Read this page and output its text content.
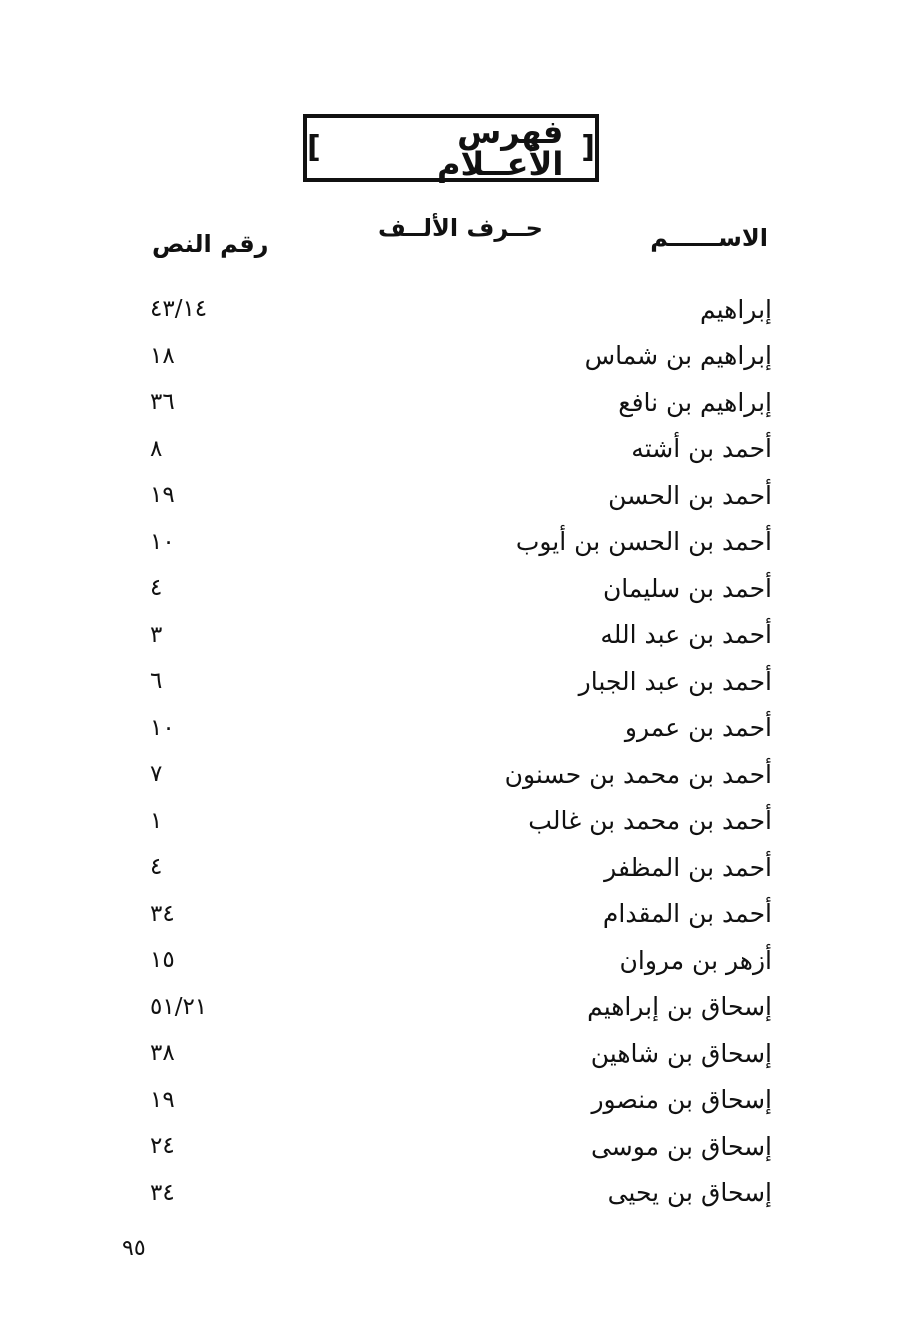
[	فهرس الأعــلام ]
الاســــــم
حــرف الألــف
رقم النص
إبراهيم
٤٣/١٤
إبراهيم بن شماس
١٨
إبراهيم بن نافع
٣٦
أحمد بن أشته
٨
أحمد بن الحسن
١٩
أحمد بن الحسن بن أيوب
١٠
أحمد بن سليمان
٤
أحمد بن عبد الله
٣
أحمد بن عبد الجبار
٦
أحمد بن عمرو
١٠
أحمد بن محمد بن حسنون
٧
أحمد بن محمد بن غالب
١
أحمد بن المظفر
٤
أحمد بن المقدام
٣٤
أزهر بن مروان
١٥
إسحاق بن إبراهيم
٥١/٢١
إسحاق بن شاهين
٣٨
إسحاق بن منصور
١٩
إسحاق بن موسى
٢٤
إسحاق بن يحيى
٣٤
٩٥
